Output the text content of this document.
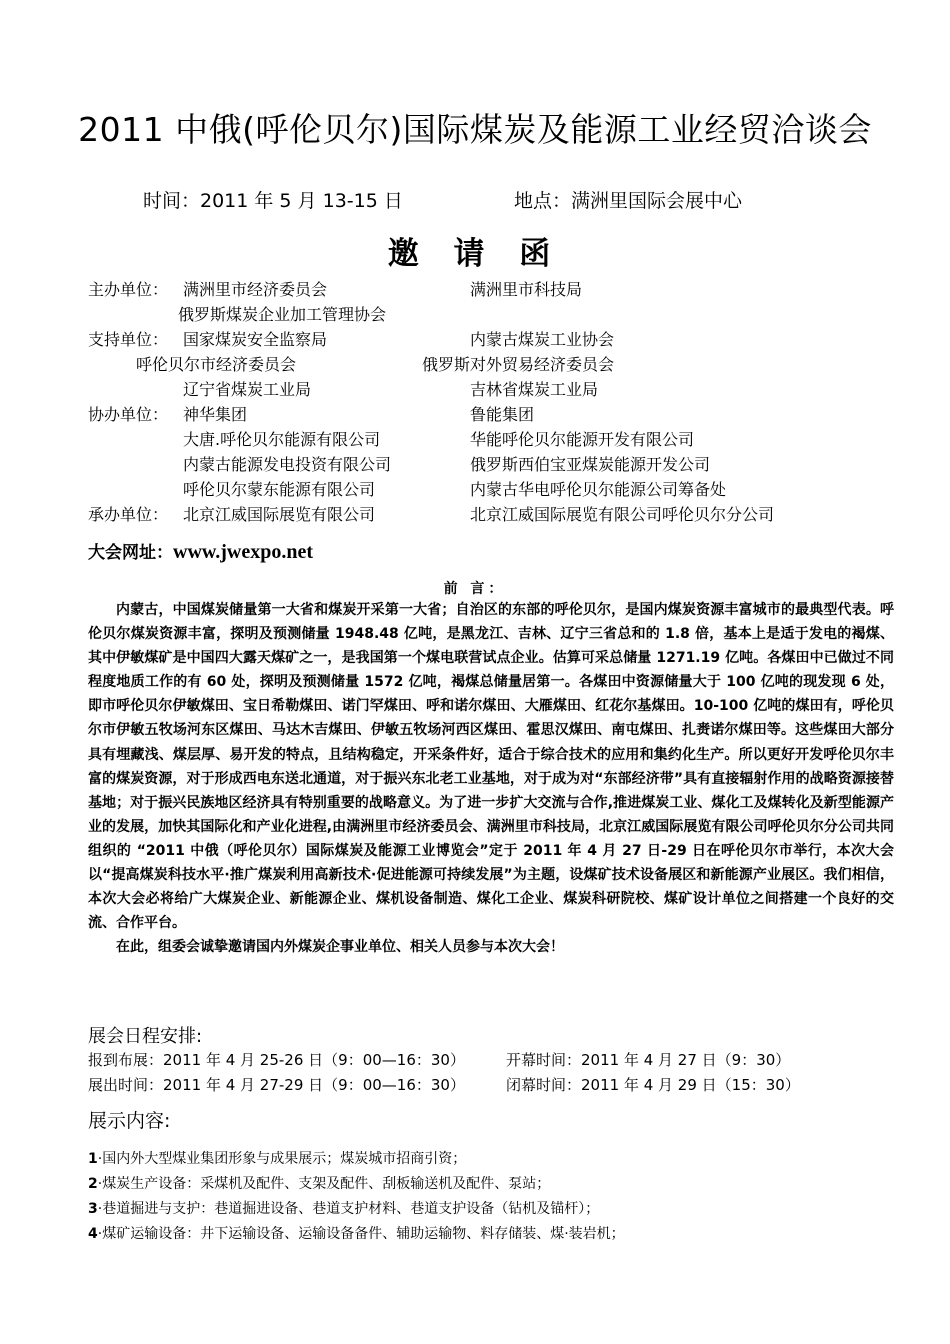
2011 中俄(呼伦贝尔)国际煤炭及能源工业经贸洽谈会
时间：2011 年 5 月 13-15 日	地点：满洲里国际会展中心
邀 请 函
主办单位： 满洲里市经济委员会	满洲里市科技局
俄罗斯煤炭企业加工管理协会
支持单位： 国家煤炭安全监察局	内蒙古煤炭工业协会
呼伦贝尔市经济委员会	俄罗斯对外贸易经济委员会
辽宁省煤炭工业局	吉林省煤炭工业局
协办单位： 神华集团	鲁能集团
大唐.呼伦贝尔能源有限公司	华能呼伦贝尔能源开发有限公司
内蒙古能源发电投资有限公司	俄罗斯西伯宝亚煤炭能源开发公司
呼伦贝尔蒙东能源有限公司	内蒙古华电呼伦贝尔能源公司筹备处
承办单位： 北京江威国际展览有限公司	北京江威国际展览有限公司呼伦贝尔分公司
大会网址：www.jwexpo.net
前 言：

内蒙古，中国煤炭储量第一大省和煤炭开采第一大省；自治区的东部的呼伦贝尔，是国内煤炭资源丰富城市的最典型代表。呼伦贝尔煤炭资源丰富，探明及预测储量 1948.48 亿吨，是黑龙江、吉林、辽宁三省总和的 1.8 倍，基本上是适于发电的褐煤、其中伊敏煤矿是中国四大露天煤矿之一，是我国第一个煤电联营试点企业。估算可采总储量 1271.19 亿吨。各煤田中已做过不同程度地质工作的有 60 处，探明及预测储量 1572 亿吨，褐煤总储量居第一。各煤田中资源储量大于 100 亿吨的现发现 6 处，即市呼伦贝尔伊敏煤田、宝日希勒煤田、诺门罕煤田、呼和诺尔煤田、大雁煤田、红花尔基煤田。10-100 亿吨的煤田有，呼伦贝尔市伊敏五牧场河东区煤田、马达木吉煤田、伊敏五牧场河西区煤田、霍思汉煤田、南屯煤田、扎赉诺尔煤田等。这些煤田大部分具有埋藏浅、煤层厚、易开发的特点，且结构稳定，开采条件好，适合于综合技术的应用和集约化生产。所以更好开发呼伦贝尔丰富的煤炭资源，对于形成西电东送北通道，对于振兴东北老工业基地，对于成为对“东部经济带”具有直接辐射作用的战略资源接替基地；对于振兴民族地区经济具有特别重要的战略意义。为了进一步扩大交流与合作,推进煤炭工业、煤化工及煤转化及新型能源产业的发展，加快其国际化和产业化进程,由满洲里市经济委员会、满洲里市科技局，北京江威国际展览有限公司呼伦贝尔分公司共同组织的 “2011 中俄（呼伦贝尔）国际煤炭及能源工业博览会”定于 2011 年 4 月 27 日-29 日在呼伦贝尔市举行，本次大会以“提高煤炭科技水平·推广煤炭利用高新技术·促进能源可持续发展”为主题，设煤矿技术设备展区和新能源产业展区。我们相信，本次大会必将给广大煤炭企业、新能源企业、煤机设备制造、煤化工企业、煤炭科研院校、煤矿设计单位之间搭建一个良好的交流、合作平台。

在此，组委会诚挚邀请国内外煤炭企事业单位、相关人员参与本次大会！

展会日程安排:
报到布展：2011 年 4 月 25-26 日（9：00—16：30）	开幕时间：2011 年 4 月 27 日（9：30）
展出时间：2011 年 4 月 27-29 日（9：00—16：30）	闭幕时间：2011 年 4 月 29 日（15：30）
展示内容:
1·国内外大型煤业集团形象与成果展示；煤炭城市招商引资；
2·煤炭生产设备：采煤机及配件、支架及配件、刮板输送机及配件、泵站；
3·巷道掘进与支护：巷道掘进设备、巷道支护材料、巷道支护设备（钻机及锚杆）；
4·煤矿运输设备：井下运输设备、运输设备备件、辅助运输物、料存储装、煤·装岩机；
